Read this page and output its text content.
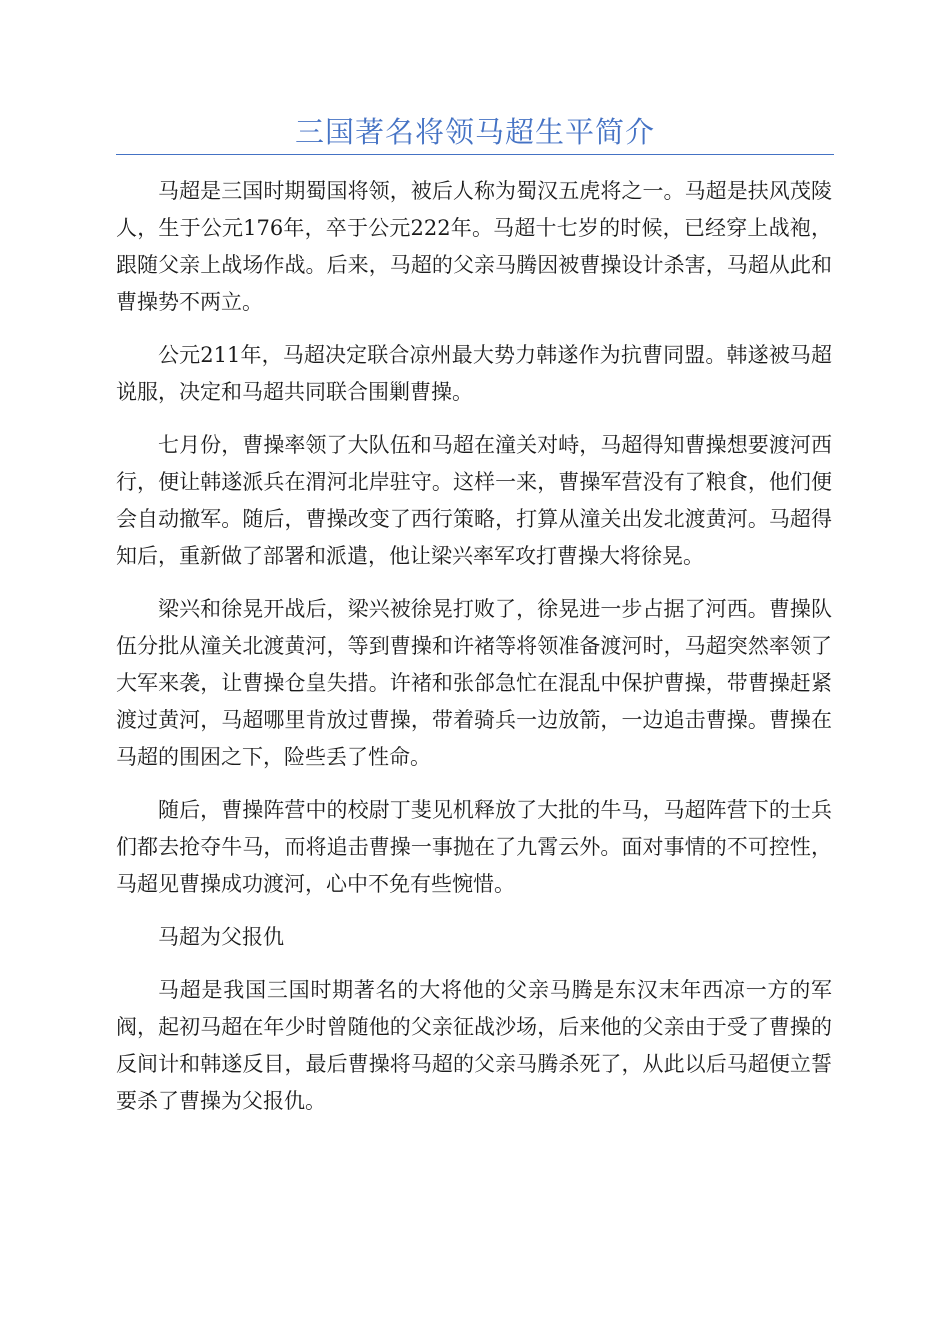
三国著名将领马超生平简介

马超是三国时期蜀国将领，被后人称为蜀汉五虎将之一。马超是扶风茂陵人，生于公元176年，卒于公元222年。马超十七岁的时候，已经穿上战袍，跟随父亲上战场作战。后来，马超的父亲马腾因被曹操设计杀害，马超从此和曹操势不两立。

公元211年，马超决定联合凉州最大势力韩遂作为抗曹同盟。韩遂被马超说服，决定和马超共同联合围剿曹操。

七月份，曹操率领了大队伍和马超在潼关对峙，马超得知曹操想要渡河西行，便让韩遂派兵在渭河北岸驻守。这样一来，曹操军营没有了粮食，他们便会自动撤军。随后，曹操改变了西行策略，打算从潼关出发北渡黄河。马超得知后，重新做了部署和派遣，他让梁兴率军攻打曹操大将徐晃。

梁兴和徐晃开战后，梁兴被徐晃打败了，徐晃进一步占据了河西。曹操队伍分批从潼关北渡黄河，等到曹操和许褚等将领准备渡河时，马超突然率领了大军来袭，让曹操仓皇失措。许褚和张郃急忙在混乱中保护曹操，带曹操赶紧渡过黄河，马超哪里肯放过曹操，带着骑兵一边放箭，一边追击曹操。曹操在马超的围困之下，险些丢了性命。

随后，曹操阵营中的校尉丁斐见机释放了大批的牛马，马超阵营下的士兵们都去抢夺牛马，而将追击曹操一事抛在了九霄云外。面对事情的不可控性，马超见曹操成功渡河，心中不免有些惋惜。

马超为父报仇

马超是我国三国时期著名的大将他的父亲马腾是东汉末年西凉一方的军阀，起初马超在年少时曾随他的父亲征战沙场，后来他的父亲由于受了曹操的反间计和韩遂反目，最后曹操将马超的父亲马腾杀死了，从此以后马超便立誓要杀了曹操为父报仇。
